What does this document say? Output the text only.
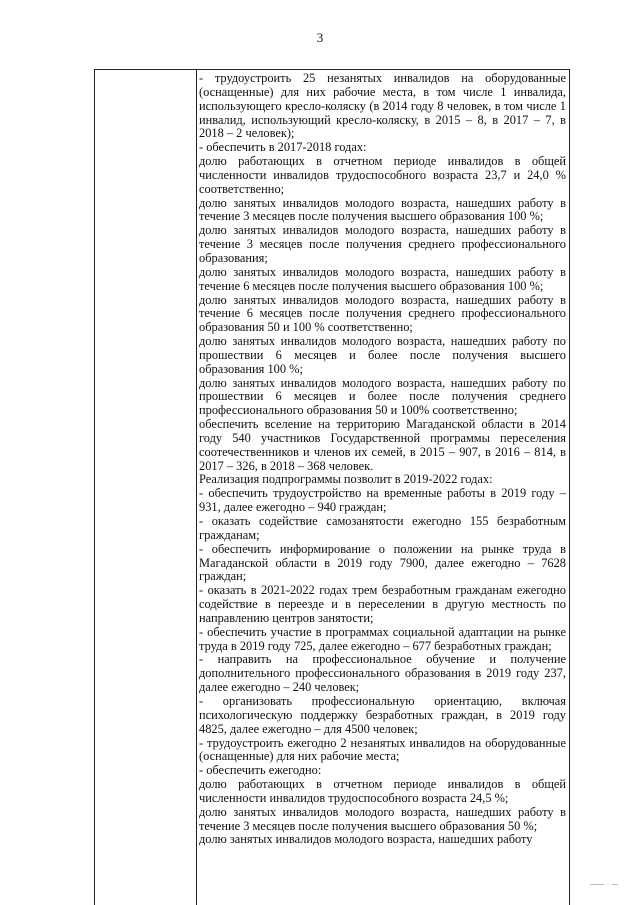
3
- трудоустроить 25 незанятых инвалидов на оборудованные (оснащенные) для них рабочие места, в том числе 1 инвалида, использующего кресло-коляску (в 2014 году 8 человек, в том числе 1 инвалид, использующий кресло-коляску, в 2015 – 8, в 2017 – 7, в 2018 – 2 человек);
- обеспечить в 2017-2018 годах:
долю работающих в отчетном периоде инвалидов в общей численности инвалидов трудоспособного возраста 23,7 и 24,0 % соответственно;
долю занятых инвалидов молодого возраста, нашедших работу в течение 3 месяцев после получения высшего образования 100 %;
долю занятых инвалидов молодого возраста, нашедших работу в течение 3 месяцев после получения среднего профессионального образования;
долю занятых инвалидов молодого возраста, нашедших работу в течение 6 месяцев после получения высшего образования 100 %;
долю занятых инвалидов молодого возраста, нашедших работу в течение 6 месяцев после получения среднего профессионального образования 50 и 100 % соответственно;
долю занятых инвалидов молодого возраста, нашедших работу по прошествии 6 месяцев и более после получения высшего образования 100 %;
долю занятых инвалидов молодого возраста, нашедших работу по прошествии 6 месяцев и более после получения среднего профессионального образования 50 и 100% соответственно;
обеспечить вселение на территорию Магаданской области в 2014 году 540 участников Государственной программы переселения соотечественников и членов их семей, в 2015 – 907, в 2016 – 814, в 2017 – 326, в 2018 – 368 человек.
Реализация подпрограммы позволит в 2019-2022 годах:
- обеспечить трудоустройство на временные работы в 2019 году – 931, далее ежегодно – 940 граждан;
- оказать содействие самозанятости ежегодно 155 безработным гражданам;
- обеспечить информирование о положении на рынке труда в Магаданской области в 2019 году 7900, далее ежегодно – 7628 граждан;
- оказать в 2021-2022 годах трем безработным гражданам ежегодно содействие в переезде и в переселении в другую местность по направлению центров занятости;
- обеспечить участие в программах социальной адаптации на рынке труда в 2019 году 725, далее ежегодно – 677 безработных граждан;
- направить на профессиональное обучение и получение дополнительного профессионального образования в 2019 году 237, далее ежегодно – 240 человек;
- организовать профессиональную ориентацию, включая психологическую поддержку безработных граждан, в 2019 году 4825, далее ежегодно – для 4500 человек;
- трудоустроить ежегодно 2 незанятых инвалидов на оборудованные (оснащенные) для них рабочие места;
- обеспечить ежегодно:
долю работающих в отчетном периоде инвалидов в общей численности инвалидов трудоспособного возраста 24,5 %;
долю занятых инвалидов молодого возраста, нашедших работу в течение 3 месяцев после получения высшего образования 50 %;
долю занятых инвалидов молодого возраста, нашедших работу
